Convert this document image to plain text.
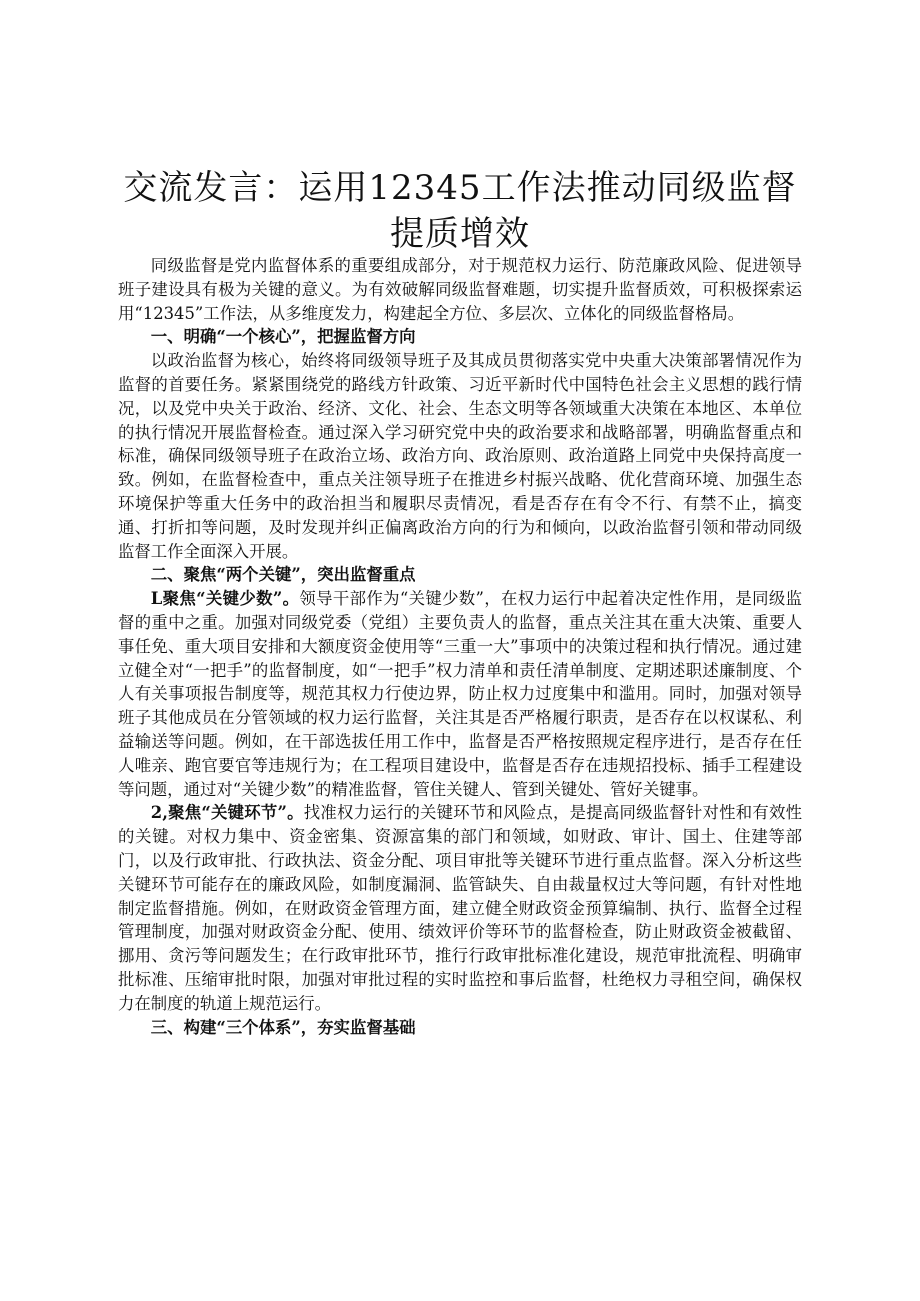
交流发言：运用12345工作法推动同级监督
提质增效

同级监督是党内监督体系的重要组成部分，对于规范权力运行、防范廉政风险、促进领导班子建设具有极为关键的意义。为有效破解同级监督难题，切实提升监督质效，可积极探索运用“12345”工作法，从多维度发力，构建起全方位、多层次、立体化的同级监督格局。

一、明确“一个核心”，把握监督方向

以政治监督为核心，始终将同级领导班子及其成员贯彻落实党中央重大决策部署情况作为监督的首要任务。紧紧围绕党的路线方针政策、习近平新时代中国特色社会主义思想的践行情况，以及党中央关于政治、经济、文化、社会、生态文明等各领域重大决策在本地区、本单位的执行情况开展监督检查。通过深入学习研究党中央的政治要求和战略部署，明确监督重点和标准，确保同级领导班子在政治立场、政治方向、政治原则、政治道路上同党中央保持高度一致。例如，在监督检查中，重点关注领导班子在推进乡村振兴战略、优化营商环境、加强生态环境保护等重大任务中的政治担当和履职尽责情况，看是否存在有令不行、有禁不止，搞变通、打折扣等问题，及时发现并纠正偏离政治方向的行为和倾向，以政治监督引领和带动同级监督工作全面深入开展。

二、聚焦“两个关键”，突出监督重点

L聚焦“关键少数”。领导干部作为“关键少数”，在权力运行中起着决定性作用，是同级监督的重中之重。加强对同级党委（党组）主要负责人的监督，重点关注其在重大决策、重要人事任免、重大项目安排和大额度资金使用等“三重一大”事项中的决策过程和执行情况。通过建立健全对“一把手”的监督制度，如“一把手”权力清单和责任清单制度、定期述职述廉制度、个人有关事项报告制度等，规范其权力行使边界，防止权力过度集中和滥用。同时，加强对领导班子其他成员在分管领域的权力运行监督，关注其是否严格履行职责，是否存在以权谋私、利益输送等问题。例如，在干部选拔任用工作中，监督是否严格按照规定程序进行，是否存在任人唯亲、跑官要官等违规行为；在工程项目建设中，监督是否存在违规招投标、插手工程建设等问题，通过对“关键少数”的精准监督，管住关键人、管到关键处、管好关键事。

2,聚焦“关键环节”。找准权力运行的关键环节和风险点，是提高同级监督针对性和有效性的关键。对权力集中、资金密集、资源富集的部门和领域，如财政、审计、国土、住建等部门，以及行政审批、行政执法、资金分配、项目审批等关键环节进行重点监督。深入分析这些关键环节可能存在的廉政风险，如制度漏洞、监管缺失、自由裁量权过大等问题，有针对性地制定监督措施。例如，在财政资金管理方面，建立健全财政资金预算编制、执行、监督全过程管理制度，加强对财政资金分配、使用、绩效评价等环节的监督检查，防止财政资金被截留、挪用、贪污等问题发生；在行政审批环节，推行行政审批标准化建设，规范审批流程、明确审批标准、压缩审批时限，加强对审批过程的实时监控和事后监督，杜绝权力寻租空间，确保权力在制度的轨道上规范运行。

三、构建“三个体系”，夯实监督基础
